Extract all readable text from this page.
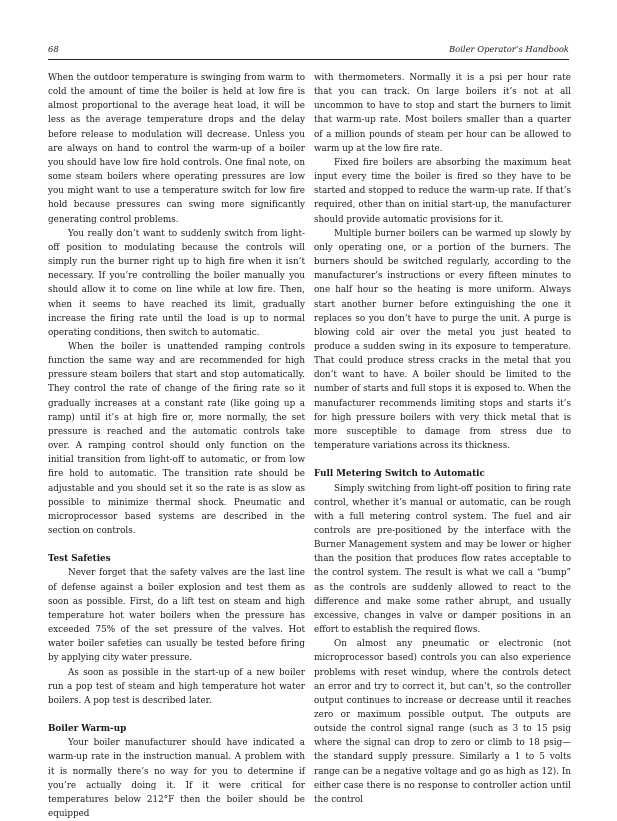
68	Boiler Operator’s Handbook

When the outdoor temperature is swinging from warm to cold the amount of time the boiler is held at low fire is almost proportional to the average heat load, it will be less as the average temperature drops and the delay before release to modulation will decrease. Unless you are always on hand to control the warm-up of a boiler you should have low fire hold controls. One final note, on some steam boilers where operating pressures are low you might want to use a temperature switch for low fire hold because pressures can swing more significantly generating control problems.

You really don’t want to suddenly switch from light-off position to modulating because the controls will simply run the burner right up to high fire when it isn’t necessary. If you’re controlling the boiler manually you should allow it to come on line while at low fire. Then, when it seems to have reached its limit, gradually increase the firing rate until the load is up to normal operating conditions, then switch to automatic.

When the boiler is unattended ramping controls function the same way and are recommended for high pressure steam boilers that start and stop automatically. They control the rate of change of the firing rate so it gradually increases at a constant rate (like going up a ramp) until it’s at high fire or, more normally, the set pressure is reached and the automatic controls take over. A ramping control should only function on the initial transition from light-off to automatic, or from low fire hold to automatic. The transition rate should be adjustable and you should set it so the rate is as slow as possible to minimize thermal shock. Pneumatic and microprocessor based systems are described in the section on controls.

Test Safeties

Never forget that the safety valves are the last line of defense against a boiler explosion and test them as soon as possible. First, do a lift test on steam and high temperature hot water boilers when the pressure has exceeded 75% of the set pressure of the valves. Hot water boiler safeties can usually be tested before firing by applying city water pressure.

As soon as possible in the start-up of a new boiler run a pop test of steam and high temperature hot water boilers. A pop test is described later.

Boiler Warm-up

Your boiler manufacturer should have indicated a warm-up rate in the instruction manual. A problem with it is normally there’s no way for you to determine if you’re actually doing it. If it were critical for temperatures below 212°F then the boiler should be equipped

with thermometers. Normally it is a psi per hour rate that you can track. On large boilers it’s not at all uncommon to have to stop and start the burners to limit that warm-up rate. Most boilers smaller than a quarter of a million pounds of steam per hour can be allowed to warm up at the low fire rate.

Fixed fire boilers are absorbing the maximum heat input every time the boiler is fired so they have to be started and stopped to reduce the warm-up rate. If that’s required, other than on initial start-up, the manufacturer should provide automatic provisions for it.

Multiple burner boilers can be warmed up slowly by only operating one, or a portion of the burners. The burners should be switched regularly, according to the manufacturer’s instructions or every fifteen minutes to one half hour so the heating is more uniform. Always start another burner before extinguishing the one it replaces so you don’t have to purge the unit. A purge is blowing cold air over the metal you just heated to produce a sudden swing in its exposure to temperature. That could produce stress cracks in the metal that you don’t want to have. A boiler should be limited to the number of starts and full stops it is exposed to. When the manufacturer recommends limiting stops and starts it’s for high pressure boilers with very thick metal that is more susceptible to damage from stress due to temperature variations across its thickness.

Full Metering Switch to Automatic

Simply switching from light-off position to firing rate control, whether it’s manual or automatic, can be rough with a full metering control system. The fuel and air controls are pre-positioned by the interface with the Burner Management system and may be lower or higher than the position that produces flow rates acceptable to the control system. The result is what we call a “bump” as the controls are suddenly allowed to react to the difference and make some rather abrupt, and usually excessive, changes in valve or damper positions in an effort to establish the required flows.

On almost any pneumatic or electronic (not microprocessor based) controls you can also experience problems with reset windup, where the controls detect an error and try to correct it, but can’t, so the controller output continues to increase or decrease until it reaches zero or maximum possible output. The outputs are outside the control signal range (such as 3 to 15 psig where the signal can drop to zero or climb to 18 psig—the standard supply pressure. Similarly a 1 to 5 volts range can be a negative voltage and go as high as 12). In either case there is no response to controller action until the control
